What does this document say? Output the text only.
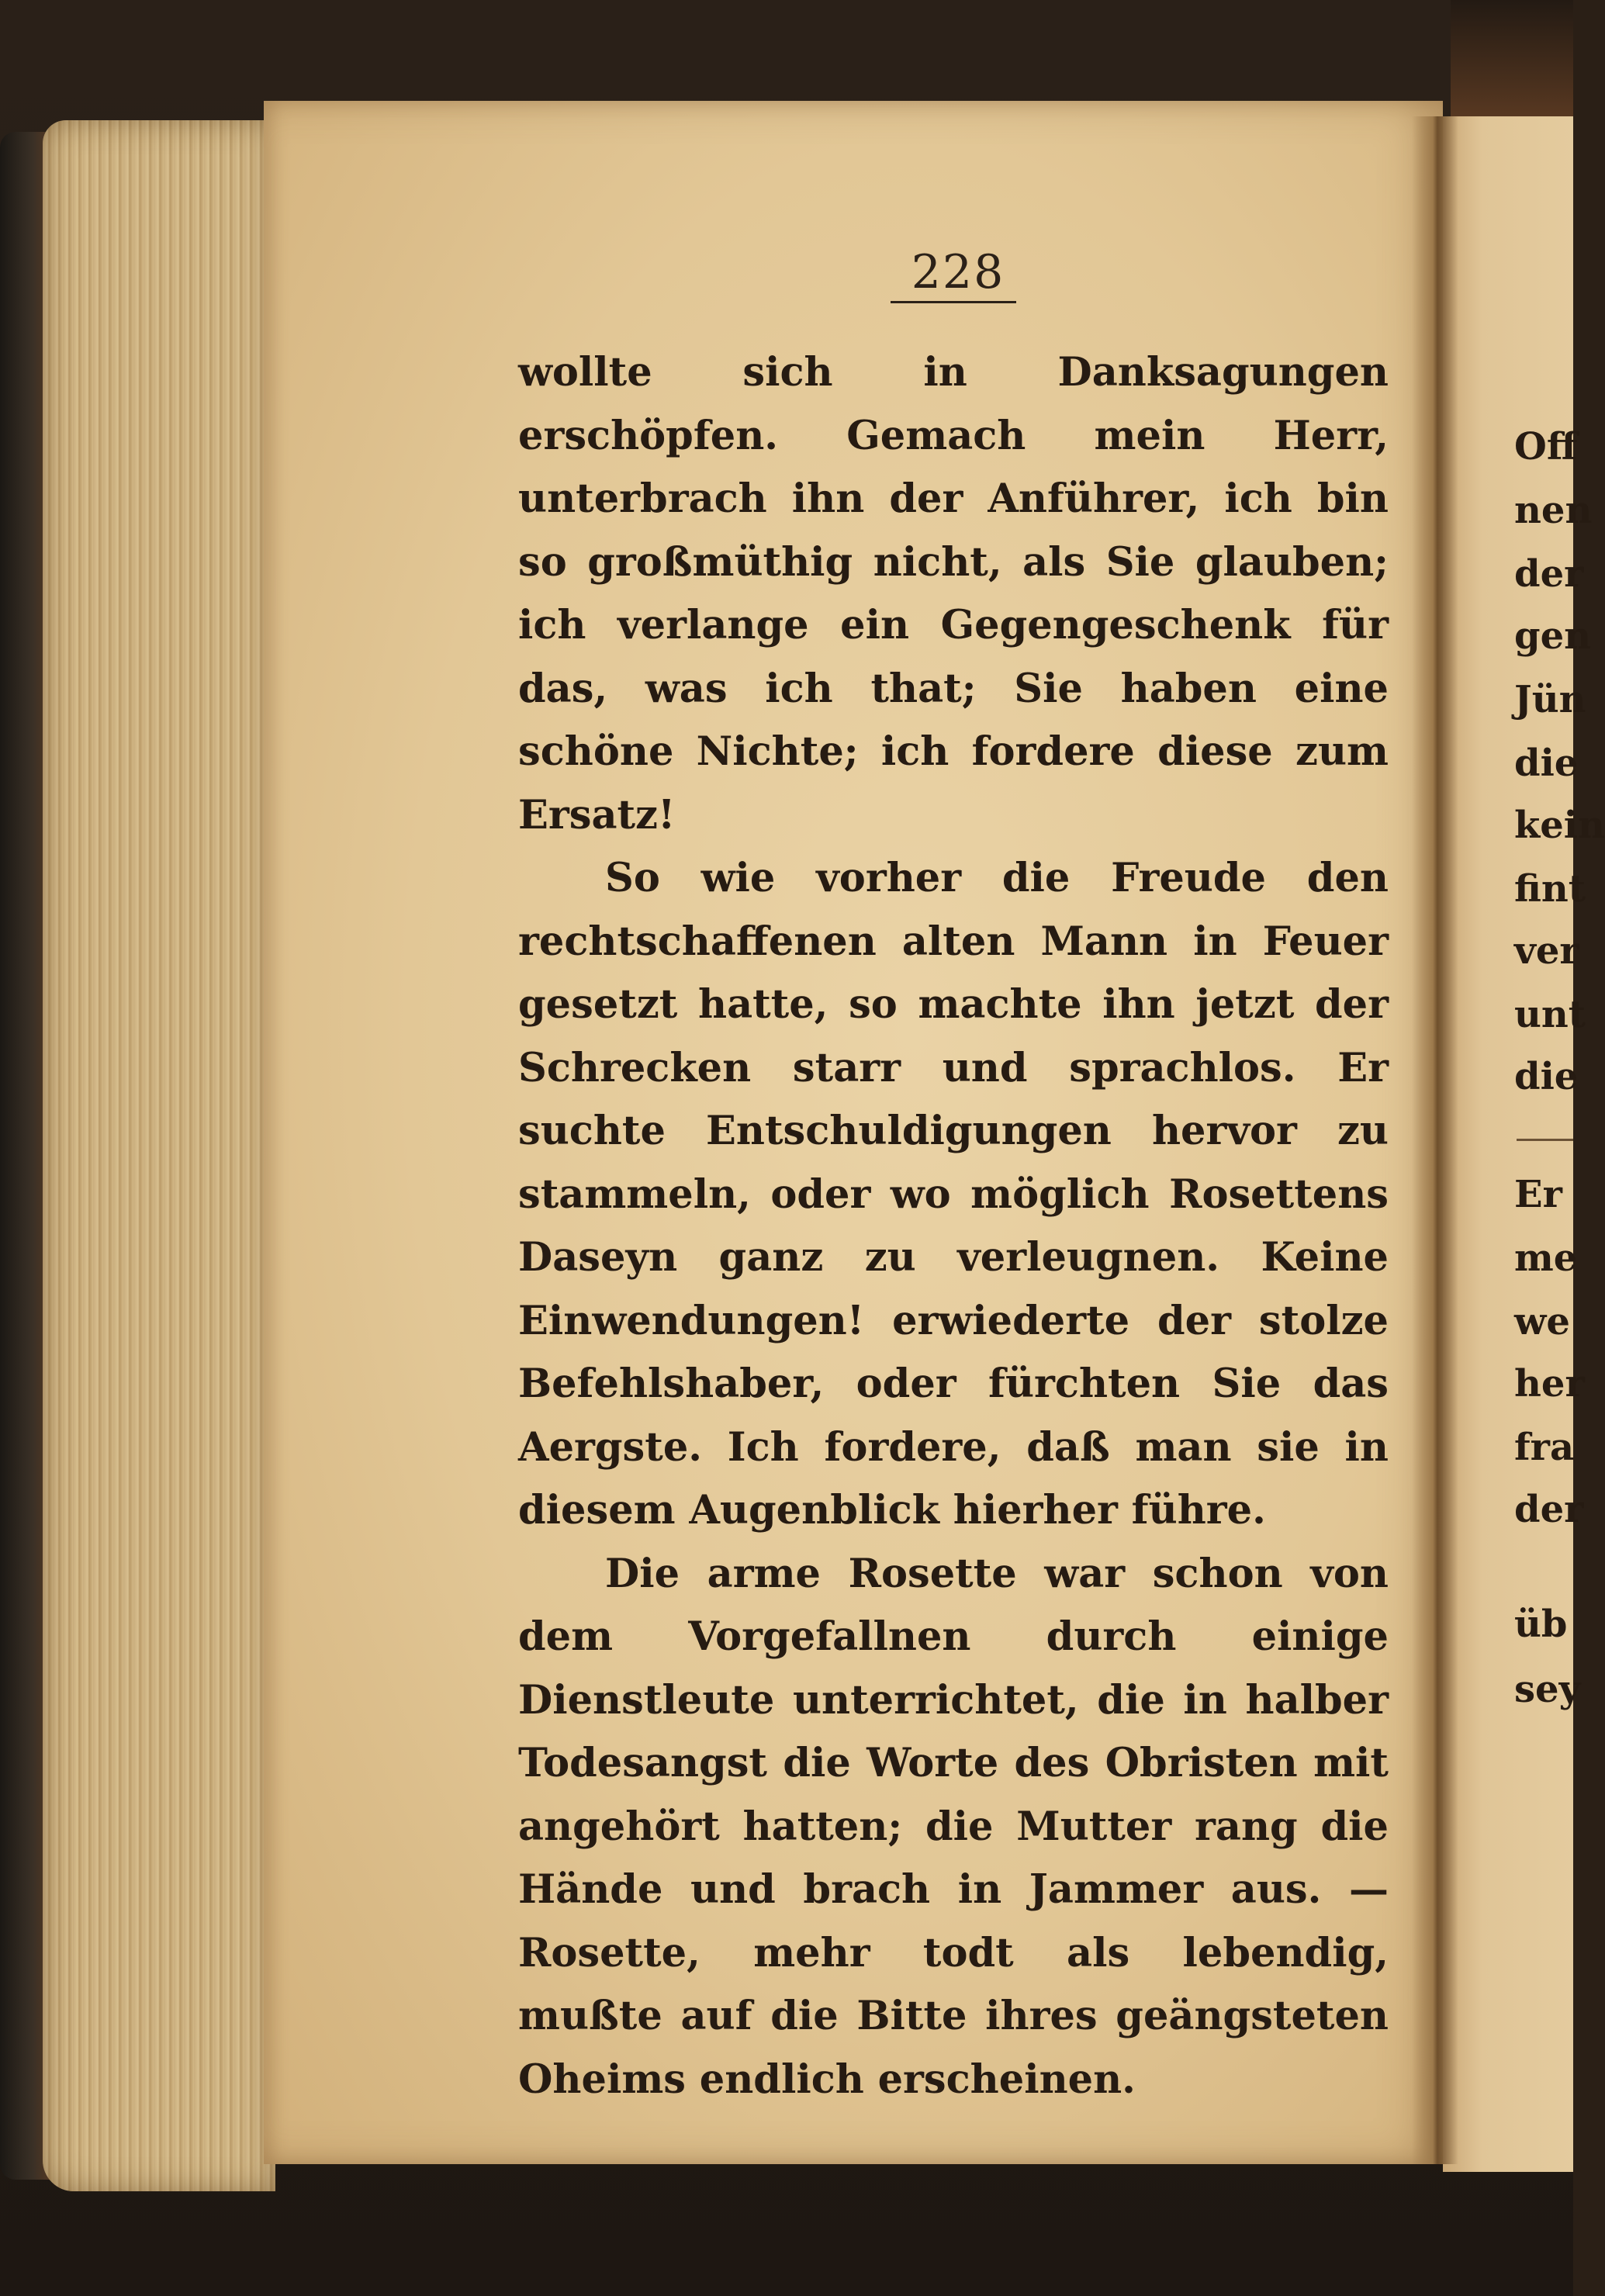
228

wollte sich in Danksagungen erschöpfen. Gemach mein Herr, unterbrach ihn der Anführer, ich bin so großmüthig nicht, als Sie glauben; ich verlange ein Gegengeschenk für das, was ich that; Sie haben eine schöne Nichte; ich fordere diese zum Ersatz!

So wie vorher die Freude den rechtschaffenen alten Mann in Feuer gesetzt hatte, so machte ihn jetzt der Schrecken starr und sprachlos. Er suchte Entschuldigungen hervor zu stammeln, oder wo möglich Rosettens Daseyn ganz zu verleugnen. Keine Einwendungen! erwiederte der stolze Befehlshaber, oder fürchten Sie das Aergste. Ich fordere, daß man sie in diesem Augenblick hierher führe.

Die arme Rosette war schon von dem Vorgefallnen durch einige Dienstleute unterrichtet, die in halber Todesangst die Worte des Obristen mit angehört hatten; die Mutter rang die Hände und brach in Jammer aus. — Rosette, mehr todt als lebendig, mußte auf die Bitte ihres geängsteten Oheims endlich erscheinen.

Off
nen
der
gen
Jün
die
kein
fint
ver
unt
die
Er
me
we
her
fra
der
üb
sey
